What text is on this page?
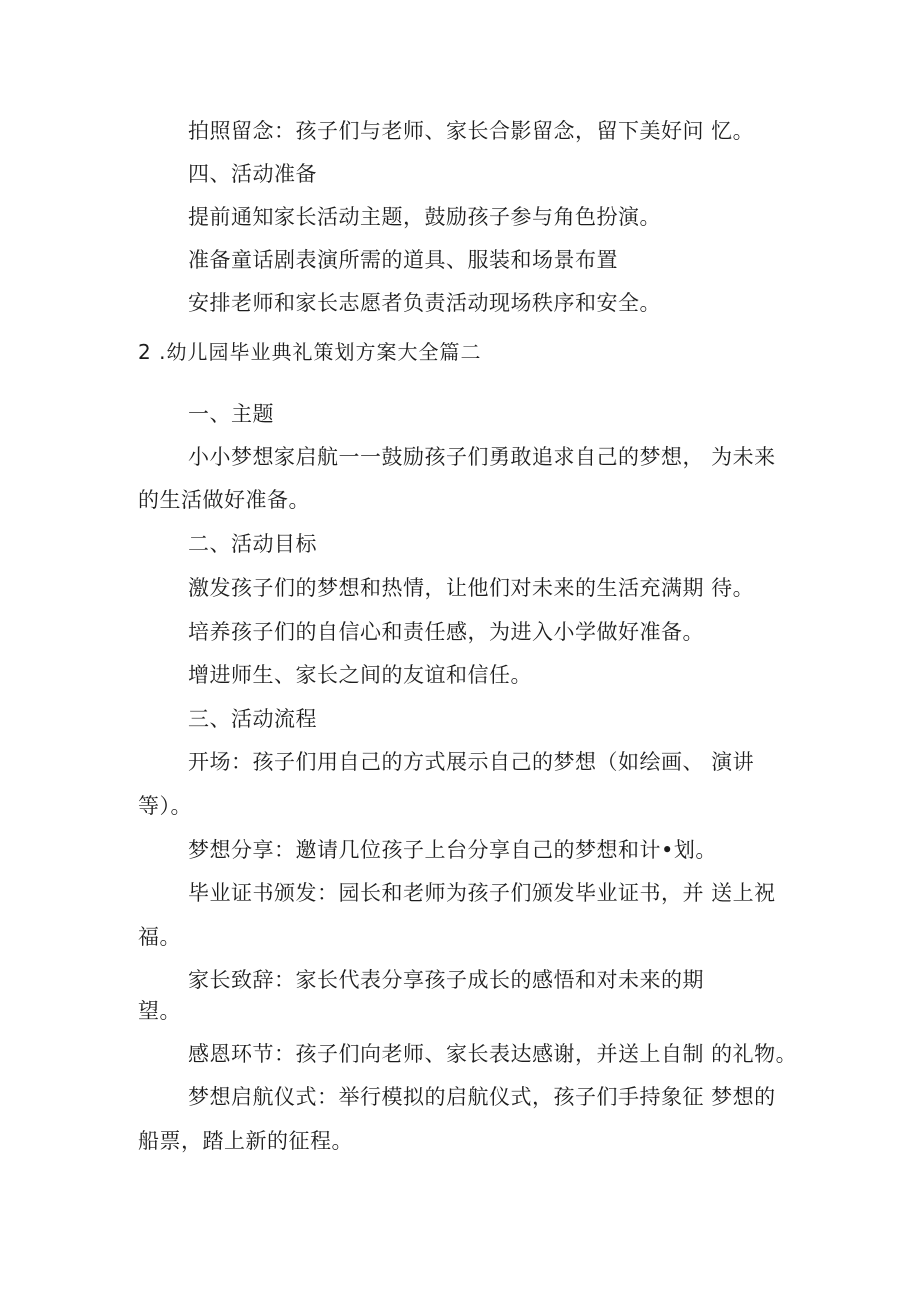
拍照留念：孩子们与老师、家长合影留念，留下美好问 忆。
四、活动准备
提前通知家长活动主题，鼓励孩子参与角色扮演。
准备童话剧表演所需的道具、服装和场景布置
安排老师和家长志愿者负责活动现场秩序和安全。
2 .幼儿园毕业典礼策划方案大全篇二
一、主题
小小梦想家启航一一鼓励孩子们勇敢追求自己的梦想， 为未来
的生活做好准备。
二、活动目标
激发孩子们的梦想和热情，让他们对未来的生活充满期 待。
培养孩子们的自信心和责任感，为进入小学做好准备。
增进师生、家长之间的友谊和信任。
三、活动流程
开场：孩子们用自己的方式展示自己的梦想（如绘画、 演讲
等）。
梦想分享：邀请几位孩子上台分享自己的梦想和计•划。
毕业证书颁发：园长和老师为孩子们颁发毕业证书，并 送上祝
福。
家长致辞：家长代表分享孩子成长的感悟和对未来的期
望。
感恩环节：孩子们向老师、家长表达感谢，并送上自制 的礼物。
梦想启航仪式：举行模拟的启航仪式，孩子们手持象征 梦想的
船票，踏上新的征程。
